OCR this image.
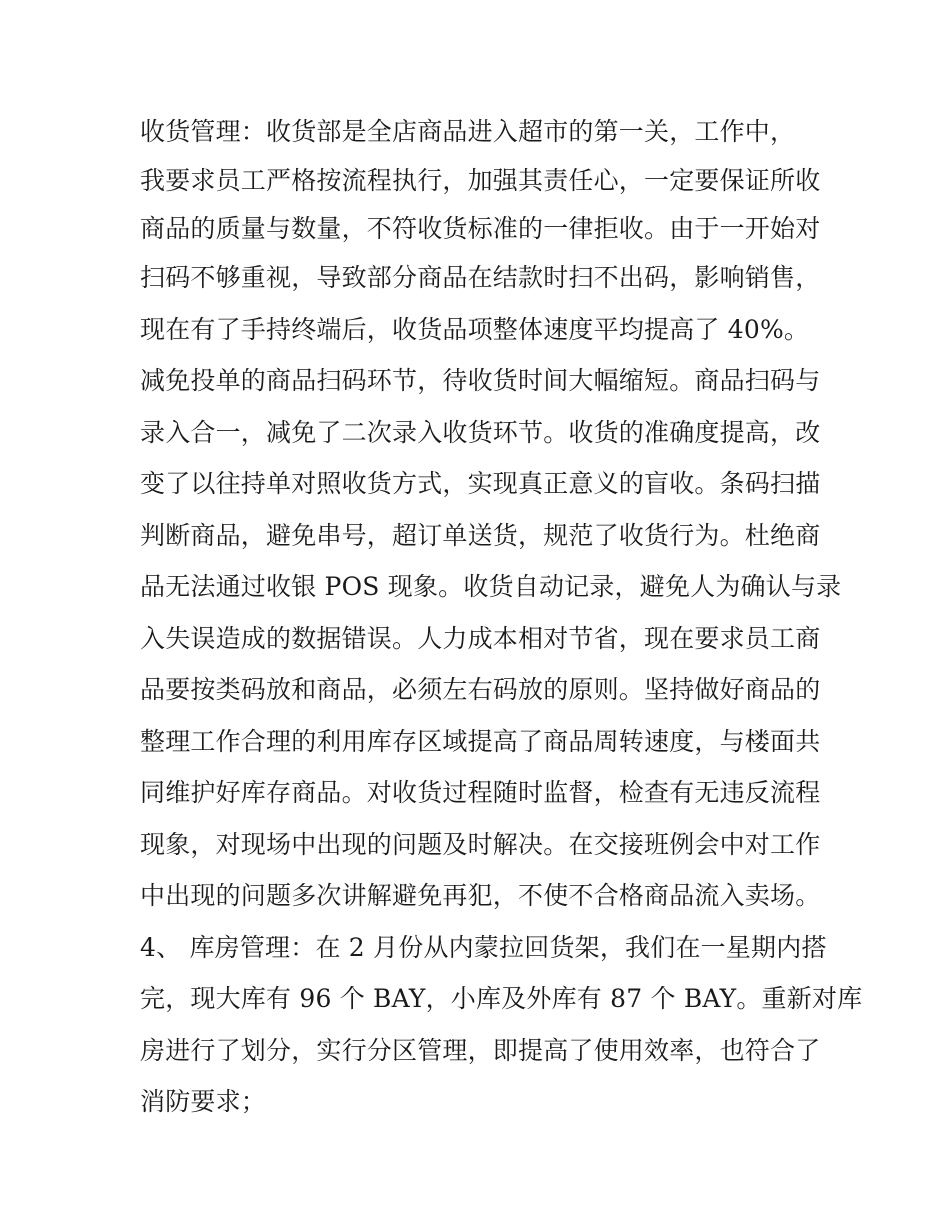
收货管理：收货部是全店商品进入超市的第一关，工作中，
我要求员工严格按流程执行，加强其责任心，一定要保证所收
商品的质量与数量，不符收货标准的一律拒收。由于一开始对
扫码不够重视，导致部分商品在结款时扫不出码，影响销售，
现在有了手持终端后，收货品项整体速度平均提高了 40%。
减免投单的商品扫码环节，待收货时间大幅缩短。商品扫码与
录入合一，减免了二次录入收货环节。收货的准确度提高，改
变了以往持单对照收货方式，实现真正意义的盲收。条码扫描
判断商品，避免串号，超订单送货，规范了收货行为。杜绝商
品无法通过收银 POS 现象。收货自动记录，避免人为确认与录
入失误造成的数据错误。人力成本相对节省，现在要求员工商
品要按类码放和商品，必须左右码放的原则。坚持做好商品的
整理工作合理的利用库存区域提高了商品周转速度，与楼面共
同维护好库存商品。对收货过程随时监督，检查有无违反流程
现象，对现场中出现的问题及时解决。在交接班例会中对工作
中出现的问题多次讲解避免再犯，不使不合格商品流入卖场。
4、 库房管理：在 2 月份从内蒙拉回货架，我们在一星期内搭
完，现大库有 96 个 BAY，小库及外库有 87 个 BAY。重新对库
房进行了划分，实行分区管理，即提高了使用效率，也符合了
消防要求；
